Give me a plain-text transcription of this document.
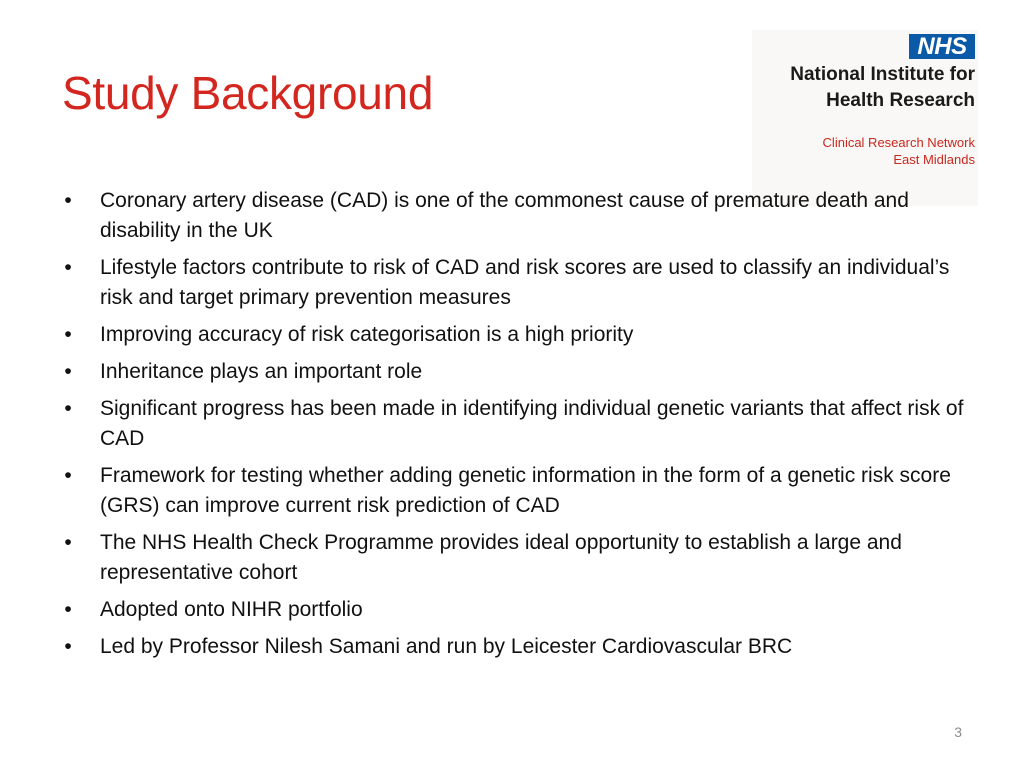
Study Background
NHS
National Institute for
Health Research
Clinical Research Network
East Midlands
• Coronary artery disease (CAD) is one of the commonest cause of premature death and disability in the UK
• Lifestyle factors contribute to risk of CAD and risk scores are used to classify an individual’s risk and target primary prevention measures
• Improving accuracy of risk categorisation is a high priority
• Inheritance plays an important role
• Significant progress has been made in identifying individual genetic variants that affect risk of CAD
• Framework for testing whether adding genetic information in the form of a genetic risk score (GRS) can improve current risk prediction of CAD
• The NHS Health Check Programme provides ideal opportunity to establish a large and representative cohort
• Adopted onto NIHR portfolio
• Led by Professor Nilesh Samani and run by Leicester Cardiovascular BRC
3
